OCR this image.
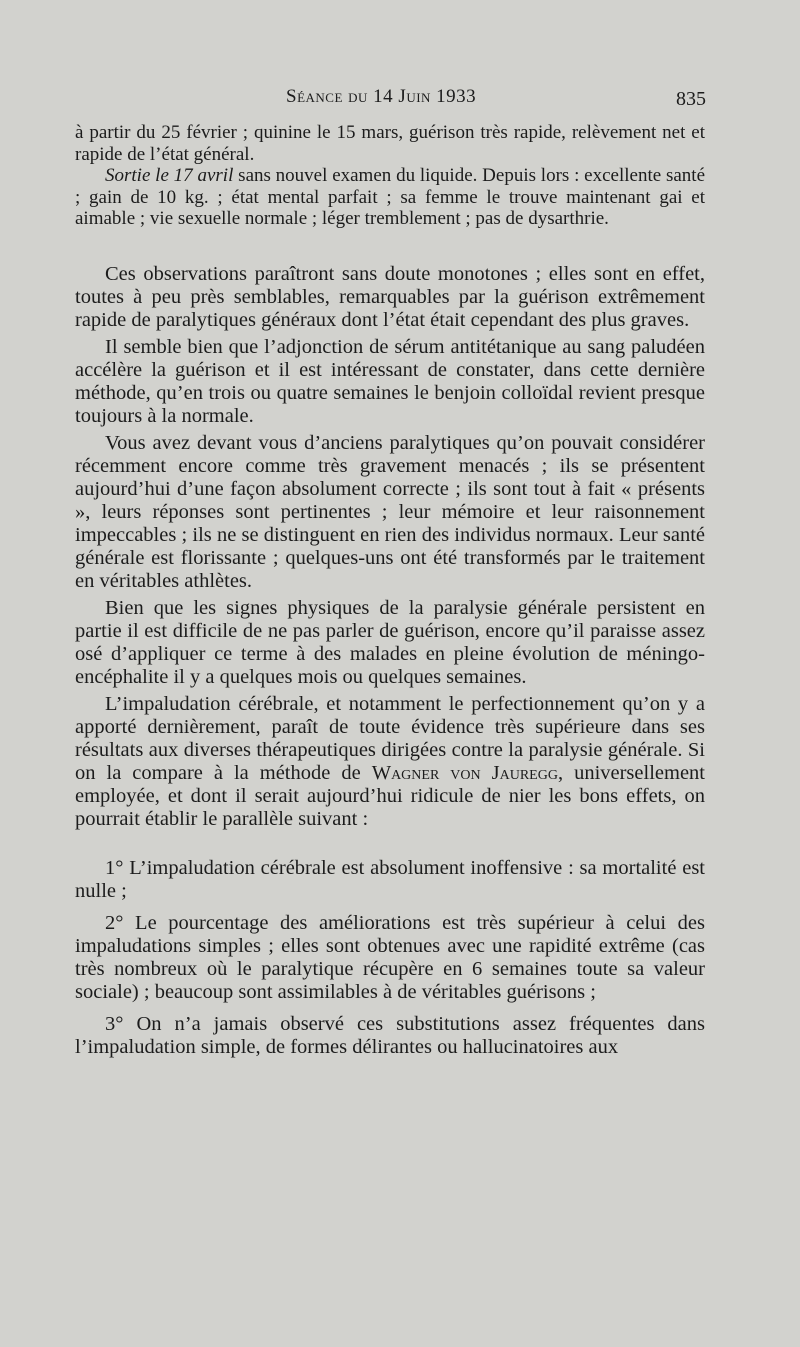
Séance du 14 Juin 1933	835

à partir du 25 février ; quinine le 15 mars, guérison très rapide, relèvement net et rapide de l’état général.

Sortie le 17 avril sans nouvel examen du liquide. Depuis lors : excellente santé ; gain de 10 kg. ; état mental parfait ; sa femme le trouve maintenant gai et aimable ; vie sexuelle normale ; léger tremblement ; pas de dysarthrie.

Ces observations paraîtront sans doute monotones ; elles sont en effet, toutes à peu près semblables, remarquables par la guérison extrêmement rapide de paralytiques généraux dont l’état était cependant des plus graves.

Il semble bien que l’adjonction de sérum antitétanique au sang paludéen accélère la guérison et il est intéressant de constater, dans cette dernière méthode, qu’en trois ou quatre semaines le benjoin colloïdal revient presque toujours à la normale.

Vous avez devant vous d’anciens paralytiques qu’on pouvait considérer récemment encore comme très gravement menacés ; ils se présentent aujourd’hui d’une façon absolument correcte ; ils sont tout à fait « présents », leurs réponses sont pertinentes ; leur mémoire et leur raisonnement impeccables ; ils ne se distinguent en rien des individus normaux. Leur santé générale est florissante ; quelques-uns ont été transformés par le traitement en véritables athlètes.

Bien que les signes physiques de la paralysie générale persistent en partie il est difficile de ne pas parler de guérison, encore qu’il paraisse assez osé d’appliquer ce terme à des malades en pleine évolution de méningo-encéphalite il y a quelques mois ou quelques semaines.

L’impaludation cérébrale, et notamment le perfectionnement qu’on y a apporté dernièrement, paraît de toute évidence très supérieure dans ses résultats aux diverses thérapeutiques dirigées contre la paralysie générale. Si on la compare à la méthode de Wagner von Jauregg, universellement employée, et dont il serait aujourd’hui ridicule de nier les bons effets, on pourrait établir le parallèle suivant :

1° L’impaludation cérébrale est absolument inoffensive : sa mortalité est nulle ;

2° Le pourcentage des améliorations est très supérieur à celui des impaludations simples ; elles sont obtenues avec une rapidité extrême (cas très nombreux où le paralytique récupère en 6 semaines toute sa valeur sociale) ; beaucoup sont assimilables à de véritables guérisons ;

3° On n’a jamais observé ces substitutions assez fréquentes dans l’impaludation simple, de formes délirantes ou hallucinatoires aux
